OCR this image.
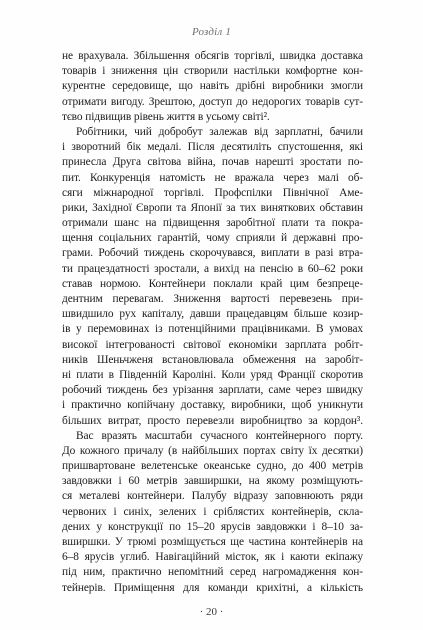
Розділ 1
не врахувала. Збільшення обсягів торгівлі, швидка доставка
товарів і зниження цін створили настільки комфортне кон-
курентне середовище, що навіть дрібні виробники змогли
отримати вигоду. Зрештою, доступ до недорогих товарів сут-
тєво підвищив рівень життя в усьому світі².
Робітники, чий добробут залежав від зарплатні, бачили
і зворотний бік медалі. Після десятиліть спустошення, які
принесла Друга світова війна, почав нарешті зростати по-
пит. Конкуренція натомість не вражала через малі об-
сяги міжнародної торгівлі. Профспілки Північної Аме-
рики, Західної Європи та Японії за тих виняткових обставин
отримали шанс на підвищення заробітної плати та покра-
щення соціальних гарантій, чому сприяли й державні про-
грами. Робочий тиждень скорочувався, виплати в разі втра-
ти працездатності зростали, а вихід на пенсію в 60–62 роки
ставав нормою. Контейнери поклали край цим безпреце-
дентним перевагам. Зниження вартості перевезень при-
швидшило рух капіталу, давши працедавцям більше козир-
ів у перемовинах із потенційними працівниками. В умовах
високої інтегрованості світової економіки зарплата робіт-
ників Шеньчженя встановлювала обмеження на заробіт-
ні плати в Південній Кароліні. Коли уряд Франції скоротив
робочий тиждень без урізання зарплати, саме через швидку
і практично копійчану доставку, виробники, щоб уникнути
більших витрат, просто перевезли виробництво за кордон³.
Вас вразять масштаби сучасного контейнерного порту.
До кожного причалу (в найбільших портах світу їх десятки)
пришвартоване велетенське океанське судно, до 400 метрів
завдовжки і 60 метрів завширшки, на якому розміщують-
ся металеві контейнери. Палубу відразу заповнюють ряди
червоних і синіх, зелених і сріблястих контейнерів, скла-
дених у конструкції по 15–20 ярусів завдовжки і 8–10 за-
вширшки. У трюмі розміщується ще частина контейнерів на
6–8 ярусів углиб. Навігаційний місток, як і каюти екіпажу
під ним, практично непомітний серед нагромадження кон-
тейнерів. Приміщення для команди крихітні, а кількість
· 20 ·
